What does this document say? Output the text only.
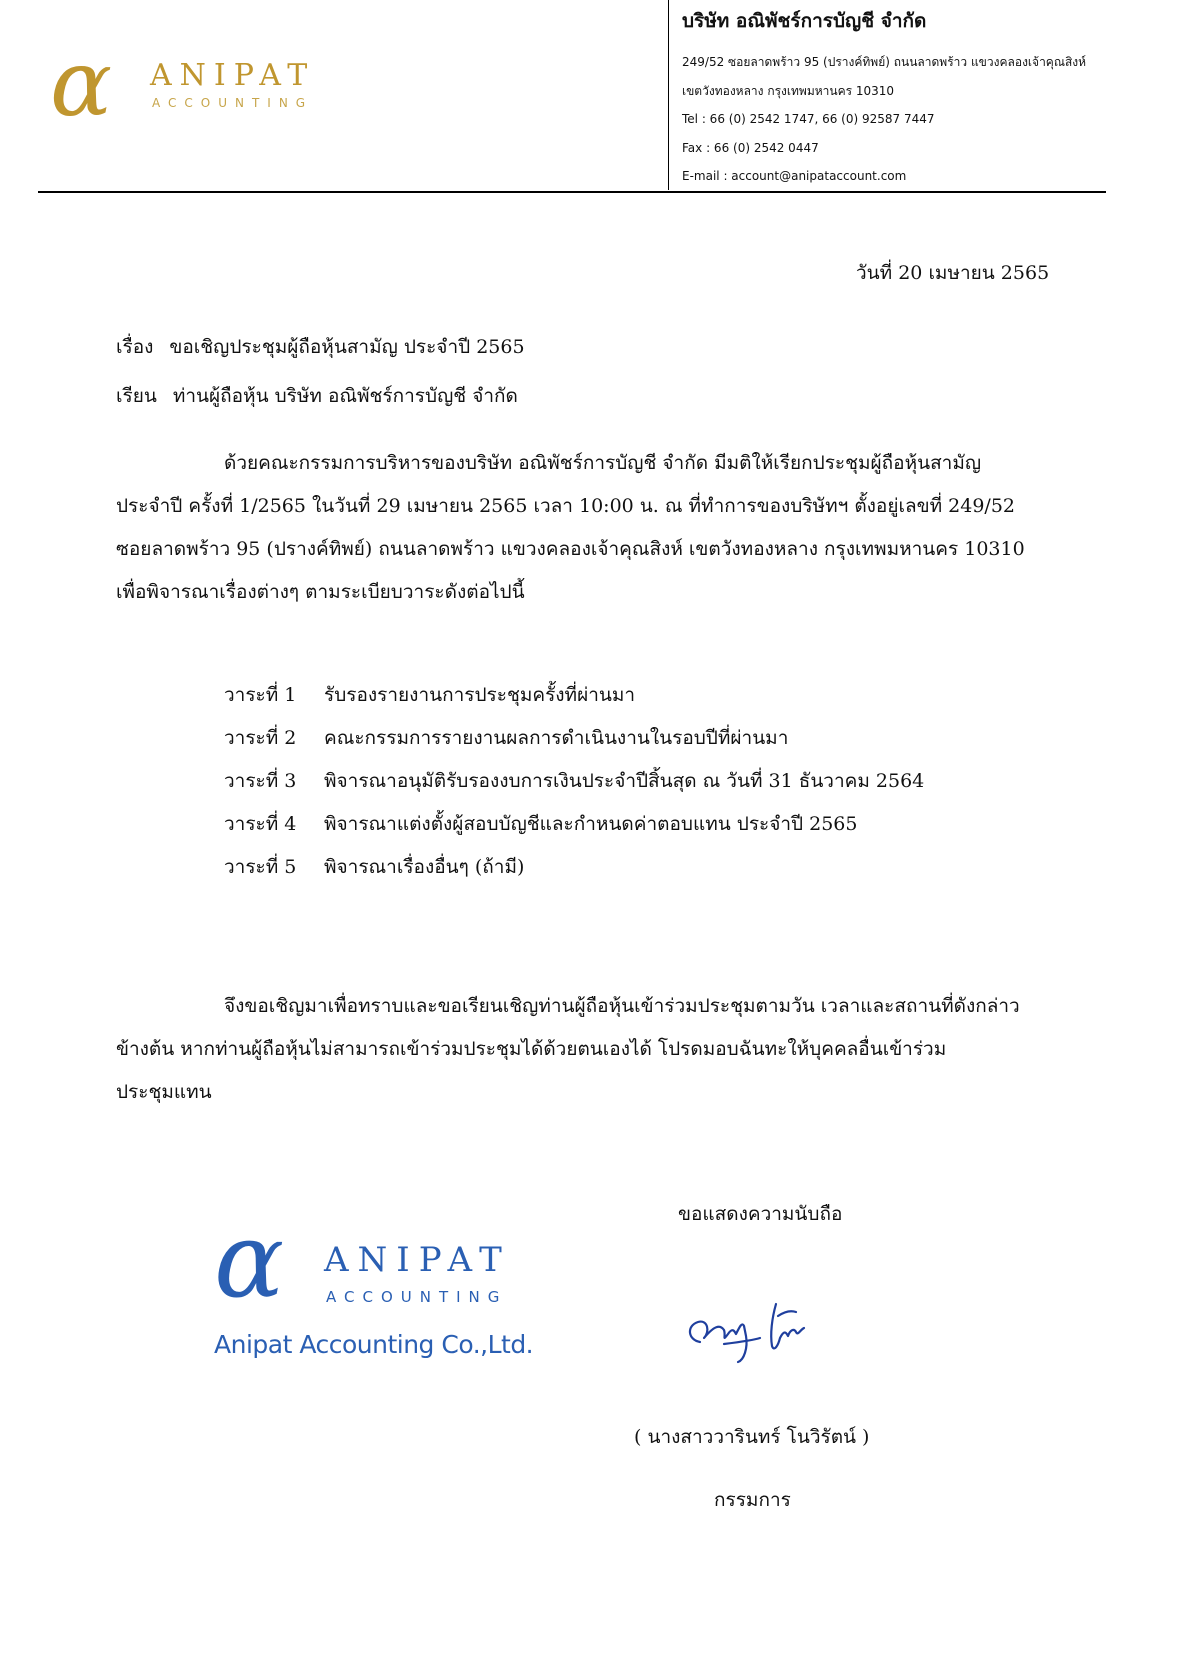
α ANIPAT
ACCOUNTING
บริษัท อณิพัชร์การบัญชี จำกัด
249/52 ซอยลาดพร้าว 95 (ปรางค์ทิพย์) ถนนลาดพร้าว แขวงคลองเจ้าคุณสิงห์
เขตวังทองหลาง กรุงเทพมหานคร 10310
Tel : 66 (0) 2542 1747, 66 (0) 92587 7447
Fax : 66 (0) 2542 0447
E-mail : account@anipataccount.com
วันที่ 20 เมษายน 2565
เรื่อง ขอเชิญประชุมผู้ถือหุ้นสามัญ ประจำปี 2565
เรียน ท่านผู้ถือหุ้น บริษัท อณิพัชร์การบัญชี จำกัด
ด้วยคณะกรรมการบริหารของบริษัท อณิพัชร์การบัญชี จำกัด มีมติให้เรียกประชุมผู้ถือหุ้นสามัญ
ประจำปี ครั้งที่ 1/2565 ในวันที่ 29 เมษายน 2565 เวลา 10:00 น. ณ ที่ทำการของบริษัทฯ ตั้งอยู่เลขที่ 249/52
ซอยลาดพร้าว 95 (ปรางค์ทิพย์) ถนนลาดพร้าว แขวงคลองเจ้าคุณสิงห์ เขตวังทองหลาง กรุงเทพมหานคร 10310
เพื่อพิจารณาเรื่องต่างๆ ตามระเบียบวาระดังต่อไปนี้
วาระที่ 1	รับรองรายงานการประชุมครั้งที่ผ่านมา
วาระที่ 2	คณะกรรมการรายงานผลการดำเนินงานในรอบปีที่ผ่านมา
วาระที่ 3	พิจารณาอนุมัติรับรองงบการเงินประจำปีสิ้นสุด ณ วันที่ 31 ธันวาคม 2564
วาระที่ 4	พิจารณาแต่งตั้งผู้สอบบัญชีและกำหนดค่าตอบแทน ประจำปี 2565
วาระที่ 5	พิจารณาเรื่องอื่นๆ (ถ้ามี)
จึงขอเชิญมาเพื่อทราบและขอเรียนเชิญท่านผู้ถือหุ้นเข้าร่วมประชุมตามวัน เวลาและสถานที่ดังกล่าว
ข้างต้น หากท่านผู้ถือหุ้นไม่สามารถเข้าร่วมประชุมได้ด้วยตนเองได้ โปรดมอบฉันทะให้บุคคลอื่นเข้าร่วม
ประชุมแทน
ขอแสดงความนับถือ
α ANIPAT
ACCOUNTING
Anipat Accounting Co.,Ltd.
( นางสาววารินทร์ โนวิรัตน์ )
กรรมการ
